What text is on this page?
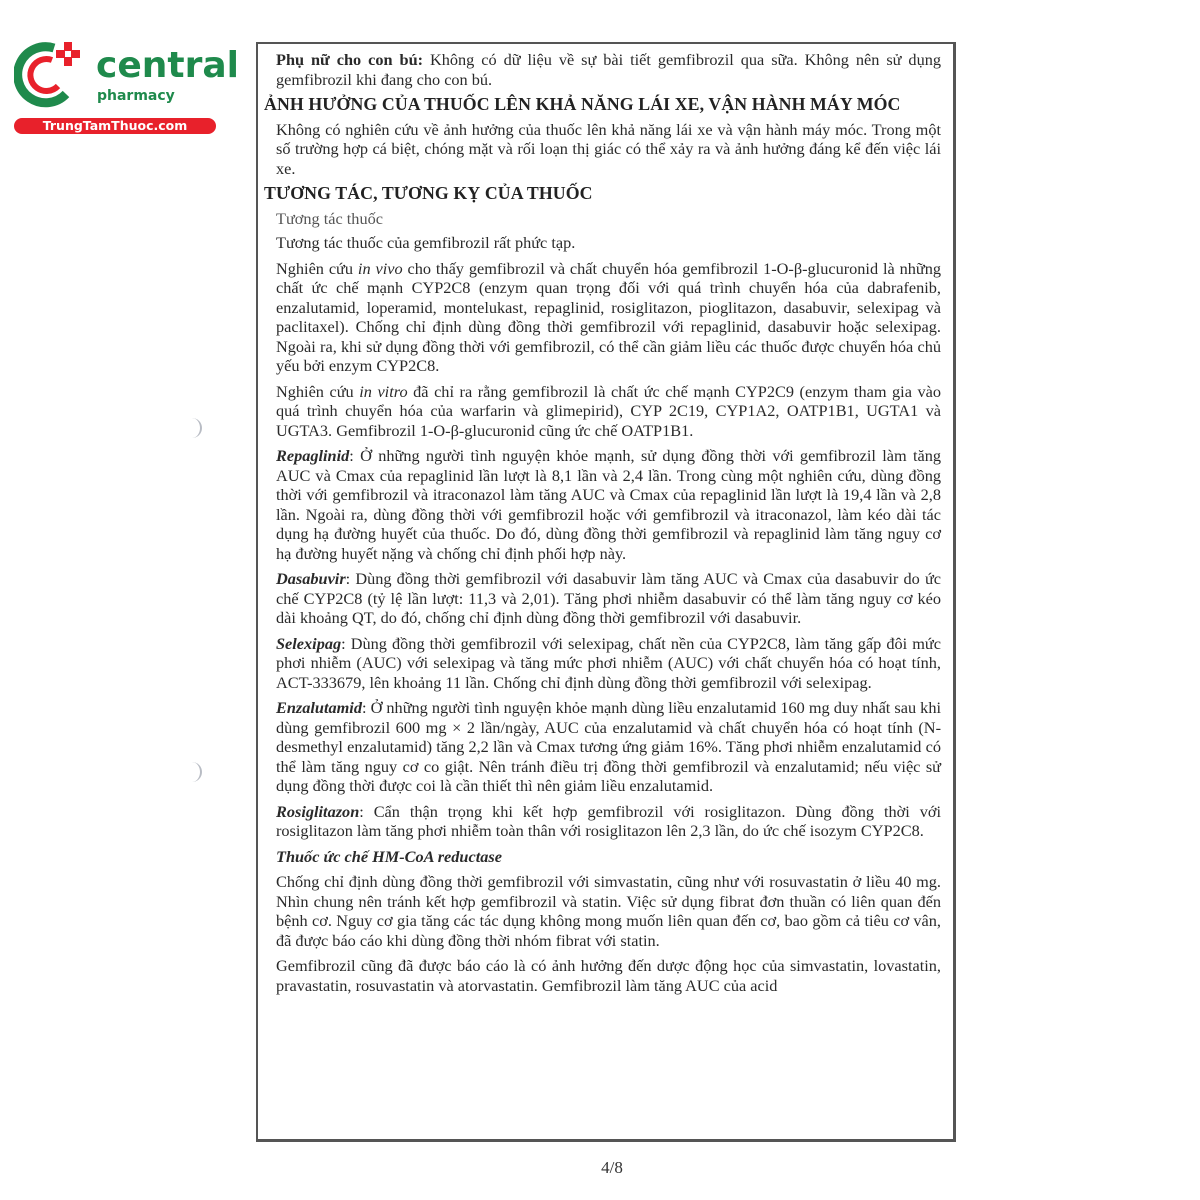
central
pharmacy
TrungTamThuoc.com

Phụ nữ cho con bú: Không có dữ liệu về sự bài tiết gemfibrozil qua sữa. Không nên sử dụng gemfibrozil khi đang cho con bú.

ẢNH HƯỞNG CỦA THUỐC LÊN KHẢ NĂNG LÁI XE, VẬN HÀNH MÁY MÓC

Không có nghiên cứu về ảnh hưởng của thuốc lên khả năng lái xe và vận hành máy móc. Trong một số trường hợp cá biệt, chóng mặt và rối loạn thị giác có thể xảy ra và ảnh hưởng đáng kể đến việc lái xe.

TƯƠNG TÁC, TƯƠNG KỴ CỦA THUỐC

Tương tác thuốc

Tương tác thuốc của gemfibrozil rất phức tạp.

Nghiên cứu in vivo cho thấy gemfibrozil và chất chuyển hóa gemfibrozil 1-O-β-glucuronid là những chất ức chế mạnh CYP2C8 (enzym quan trọng đối với quá trình chuyển hóa của dabrafenib, enzalutamid, loperamid, montelukast, repaglinid, rosiglitazon, pioglitazon, dasabuvir, selexipag và paclitaxel). Chống chỉ định dùng đồng thời gemfibrozil với repaglinid, dasabuvir hoặc selexipag. Ngoài ra, khi sử dụng đồng thời với gemfibrozil, có thể cần giảm liều các thuốc được chuyển hóa chủ yếu bởi enzym CYP2C8.

Nghiên cứu in vitro đã chỉ ra rằng gemfibrozil là chất ức chế mạnh CYP2C9 (enzym tham gia vào quá trình chuyển hóa của warfarin và glimepirid), CYP 2C19, CYP1A2, OATP1B1, UGTA1 và UGTA3. Gemfibrozil 1-O-β-glucuronid cũng ức chế OATP1B1.

Repaglinid: Ở những người tình nguyện khỏe mạnh, sử dụng đồng thời với gemfibrozil làm tăng AUC và Cmax của repaglinid lần lượt là 8,1 lần và 2,4 lần. Trong cùng một nghiên cứu, dùng đồng thời với gemfibrozil và itraconazol làm tăng AUC và Cmax của repaglinid lần lượt là 19,4 lần và 2,8 lần. Ngoài ra, dùng đồng thời với gemfibrozil hoặc với gemfibrozil và itraconazol, làm kéo dài tác dụng hạ đường huyết của thuốc. Do đó, dùng đồng thời gemfibrozil và repaglinid làm tăng nguy cơ hạ đường huyết nặng và chống chỉ định phối hợp này.

Dasabuvir: Dùng đồng thời gemfibrozil với dasabuvir làm tăng AUC và Cmax của dasabuvir do ức chế CYP2C8 (tỷ lệ lần lượt: 11,3 và 2,01). Tăng phơi nhiễm dasabuvir có thể làm tăng nguy cơ kéo dài khoảng QT, do đó, chống chỉ định dùng đồng thời gemfibrozil với dasabuvir.

Selexipag: Dùng đồng thời gemfibrozil với selexipag, chất nền của CYP2C8, làm tăng gấp đôi mức phơi nhiễm (AUC) với selexipag và tăng mức phơi nhiễm (AUC) với chất chuyển hóa có hoạt tính, ACT-333679, lên khoảng 11 lần. Chống chỉ định dùng đồng thời gemfibrozil với selexipag.

Enzalutamid: Ở những người tình nguyện khỏe mạnh dùng liều enzalutamid 160 mg duy nhất sau khi dùng gemfibrozil 600 mg × 2 lần/ngày, AUC của enzalutamid và chất chuyển hóa có hoạt tính (N-desmethyl enzalutamid) tăng 2,2 lần và Cmax tương ứng giảm 16%. Tăng phơi nhiễm enzalutamid có thể làm tăng nguy cơ co giật. Nên tránh điều trị đồng thời gemfibrozil và enzalutamid; nếu việc sử dụng đồng thời được coi là cần thiết thì nên giảm liều enzalutamid.

Rosiglitazon: Cẩn thận trọng khi kết hợp gemfibrozil với rosiglitazon. Dùng đồng thời với rosiglitazon làm tăng phơi nhiễm toàn thân với rosiglitazon lên 2,3 lần, do ức chế isozym CYP2C8.

Thuốc ức chế HM-CoA reductase

Chống chỉ định dùng đồng thời gemfibrozil với simvastatin, cũng như với rosuvastatin ở liều 40 mg. Nhìn chung nên tránh kết hợp gemfibrozil và statin. Việc sử dụng fibrat đơn thuần có liên quan đến bệnh cơ. Nguy cơ gia tăng các tác dụng không mong muốn liên quan đến cơ, bao gồm cả tiêu cơ vân, đã được báo cáo khi dùng đồng thời nhóm fibrat với statin.

Gemfibrozil cũng đã được báo cáo là có ảnh hưởng đến dược động học của simvastatin, lovastatin, pravastatin, rosuvastatin và atorvastatin. Gemfibrozil làm tăng AUC của acid

4/8
